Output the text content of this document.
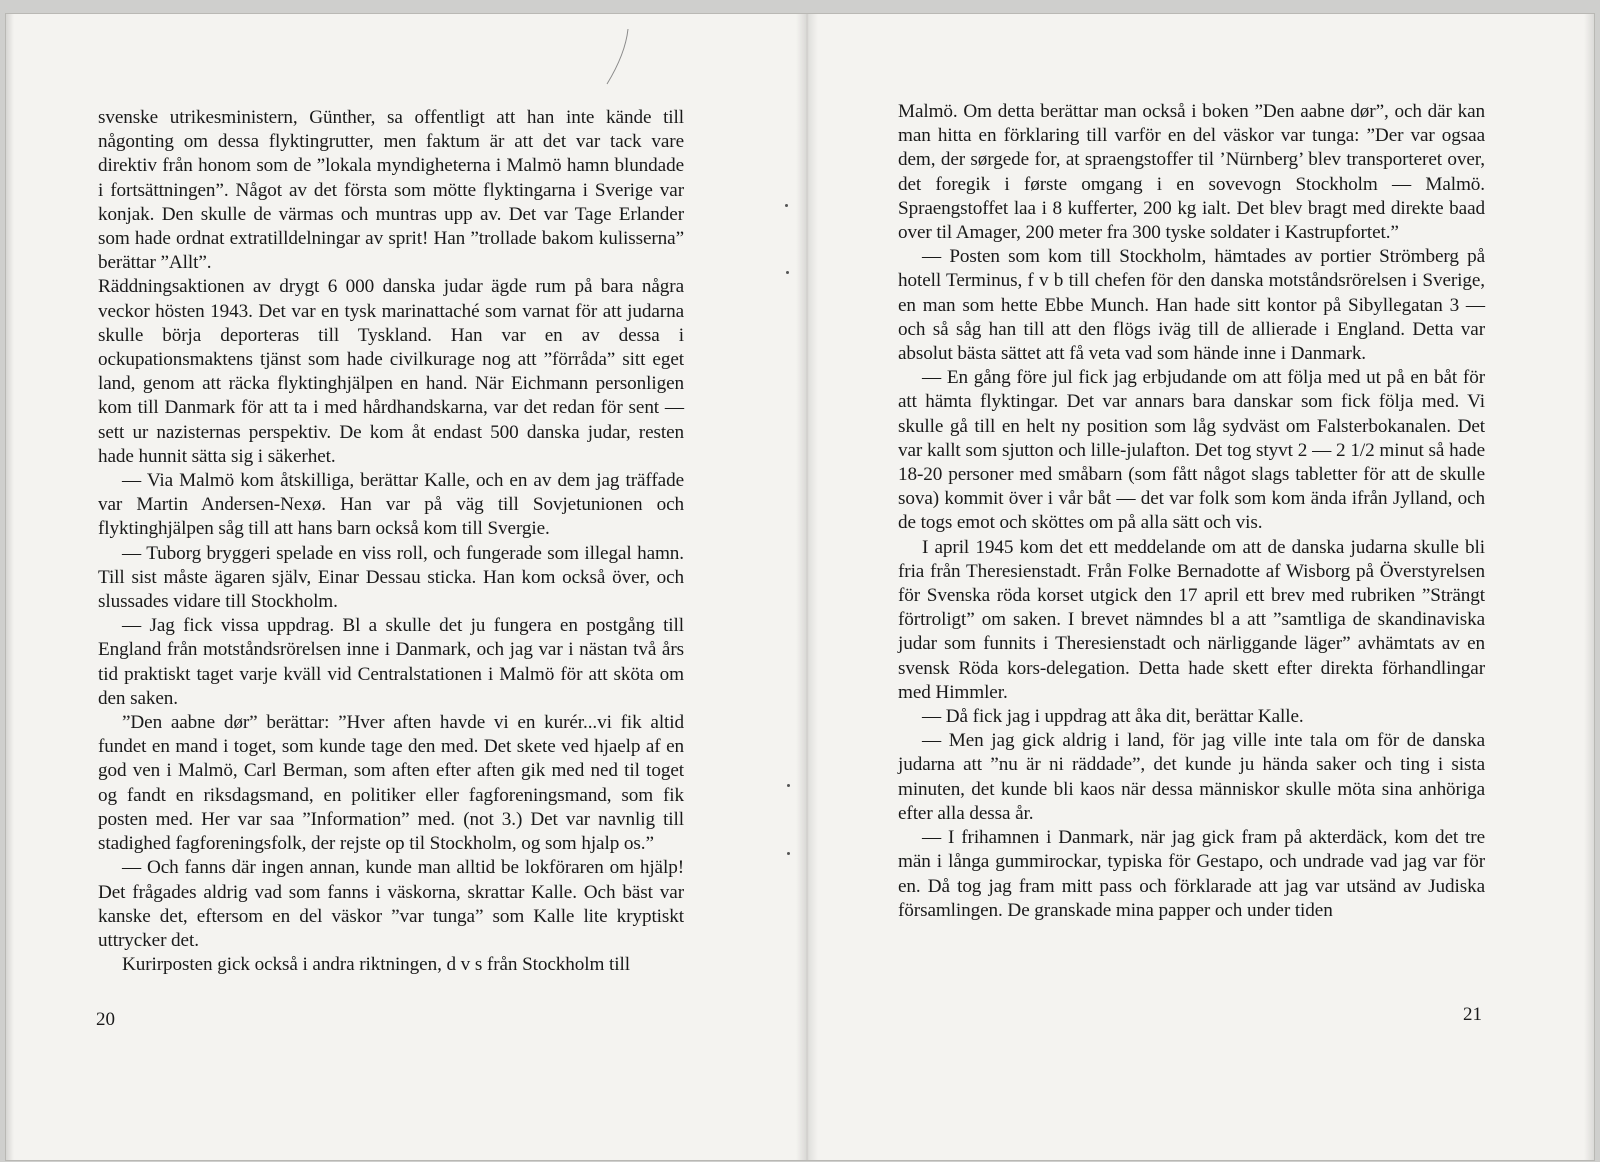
svenske utrikesministern, Günther, sa offentligt att han inte kände till någonting om dessa flyktingrutter, men faktum är att det var tack vare direktiv från honom som de ”lokala myndigheterna i Malmö hamn blundade i fortsättningen”. Något av det första som mötte flyktingarna i Sverige var konjak. Den skulle de värmas och muntras upp av. Det var Tage Erlander som hade ordnat extratilldelningar av sprit! Han ”trollade bakom kulisserna” berättar ”Allt”.

Räddningsaktionen av drygt 6 000 danska judar ägde rum på bara några veckor hösten 1943. Det var en tysk marinattaché som varnat för att judarna skulle börja deporteras till Tyskland. Han var en av dessa i ockupationsmaktens tjänst som hade civilkurage nog att ”förråda” sitt eget land, genom att räcka flyktinghjälpen en hand. När Eichmann personligen kom till Danmark för att ta i med hårdhandskarna, var det redan för sent — sett ur nazisternas perspektiv. De kom åt endast 500 danska judar, resten hade hunnit sätta sig i säkerhet.

— Via Malmö kom åtskilliga, berättar Kalle, och en av dem jag träffade var Martin Andersen-Nexø. Han var på väg till Sovjetunionen och flyktinghjälpen såg till att hans barn också kom till Svergie.

— Tuborg bryggeri spelade en viss roll, och fungerade som illegal hamn. Till sist måste ägaren själv, Einar Dessau sticka. Han kom också över, och slussades vidare till Stockholm.

— Jag fick vissa uppdrag. Bl a skulle det ju fungera en postgång till England från motståndsrörelsen inne i Danmark, och jag var i nästan två års tid praktiskt taget varje kväll vid Centralstationen i Malmö för att sköta om den saken.

”Den aabne dør” berättar: ”Hver aften havde vi en kurér...vi fik altid fundet en mand i toget, som kunde tage den med. Det skete ved hjaelp af en god ven i Malmö, Carl Berman, som aften efter aften gik med ned til toget og fandt en riksdagsmand, en politiker eller fagforeningsmand, som fik posten med. Her var saa ”Information” med. (not 3.) Det var navnlig till stadighed fagforeningsfolk, der rejste op til Stockholm, og som hjalp os.”

— Och fanns där ingen annan, kunde man alltid be lokföraren om hjälp! Det frågades aldrig vad som fanns i väskorna, skrattar Kalle. Och bäst var kanske det, eftersom en del väskor ”var tunga” som Kalle lite kryptiskt uttrycker det.

Kurirposten gick också i andra riktningen, d v s från Stockholm till

20

Malmö. Om detta berättar man också i boken ”Den aabne dør”, och där kan man hitta en förklaring till varför en del väskor var tunga: ”Der var ogsaa dem, der sørgede for, at spraengstoffer til ’Nürnberg’ blev transporteret over, det foregik i første omgang i en sovevogn Stockholm — Malmö. Spraengstoffet laa i 8 kufferter, 200 kg ialt. Det blev bragt med direkte baad over til Amager, 200 meter fra 300 tyske soldater i Kastrupfortet.”

— Posten som kom till Stockholm, hämtades av portier Strömberg på hotell Terminus, f v b till chefen för den danska motståndsrörelsen i Sverige, en man som hette Ebbe Munch. Han hade sitt kontor på Sibyllegatan 3 — och så såg han till att den flögs iväg till de allierade i England. Detta var absolut bästa sättet att få veta vad som hände inne i Danmark.

— En gång före jul fick jag erbjudande om att följa med ut på en båt för att hämta flyktingar. Det var annars bara danskar som fick följa med. Vi skulle gå till en helt ny position som låg sydväst om Falsterbokanalen. Det var kallt som sjutton och lille-julafton. Det tog styvt 2 — 2 1/2 minut så hade 18-20 personer med småbarn (som fått något slags tabletter för att de skulle sova) kommit över i vår båt — det var folk som kom ända ifrån Jylland, och de togs emot och sköttes om på alla sätt och vis.

I april 1945 kom det ett meddelande om att de danska judarna skulle bli fria från Theresienstadt. Från Folke Bernadotte af Wisborg på Överstyrelsen för Svenska röda korset utgick den 17 april ett brev med rubriken ”Strängt förtroligt” om saken. I brevet nämndes bl a att ”samtliga de skandinaviska judar som funnits i Theresienstadt och närliggande läger” avhämtats av en svensk Röda kors-delegation. Detta hade skett efter direkta förhandlingar med Himmler.

— Då fick jag i uppdrag att åka dit, berättar Kalle.

— Men jag gick aldrig i land, för jag ville inte tala om för de danska judarna att ”nu är ni räddade”, det kunde ju hända saker och ting i sista minuten, det kunde bli kaos när dessa människor skulle möta sina anhöriga efter alla dessa år.

— I frihamnen i Danmark, när jag gick fram på akterdäck, kom det tre män i långa gummirockar, typiska för Gestapo, och undrade vad jag var för en. Då tog jag fram mitt pass och förklarade att jag var utsänd av Judiska församlingen. De granskade mina papper och under tiden

21
